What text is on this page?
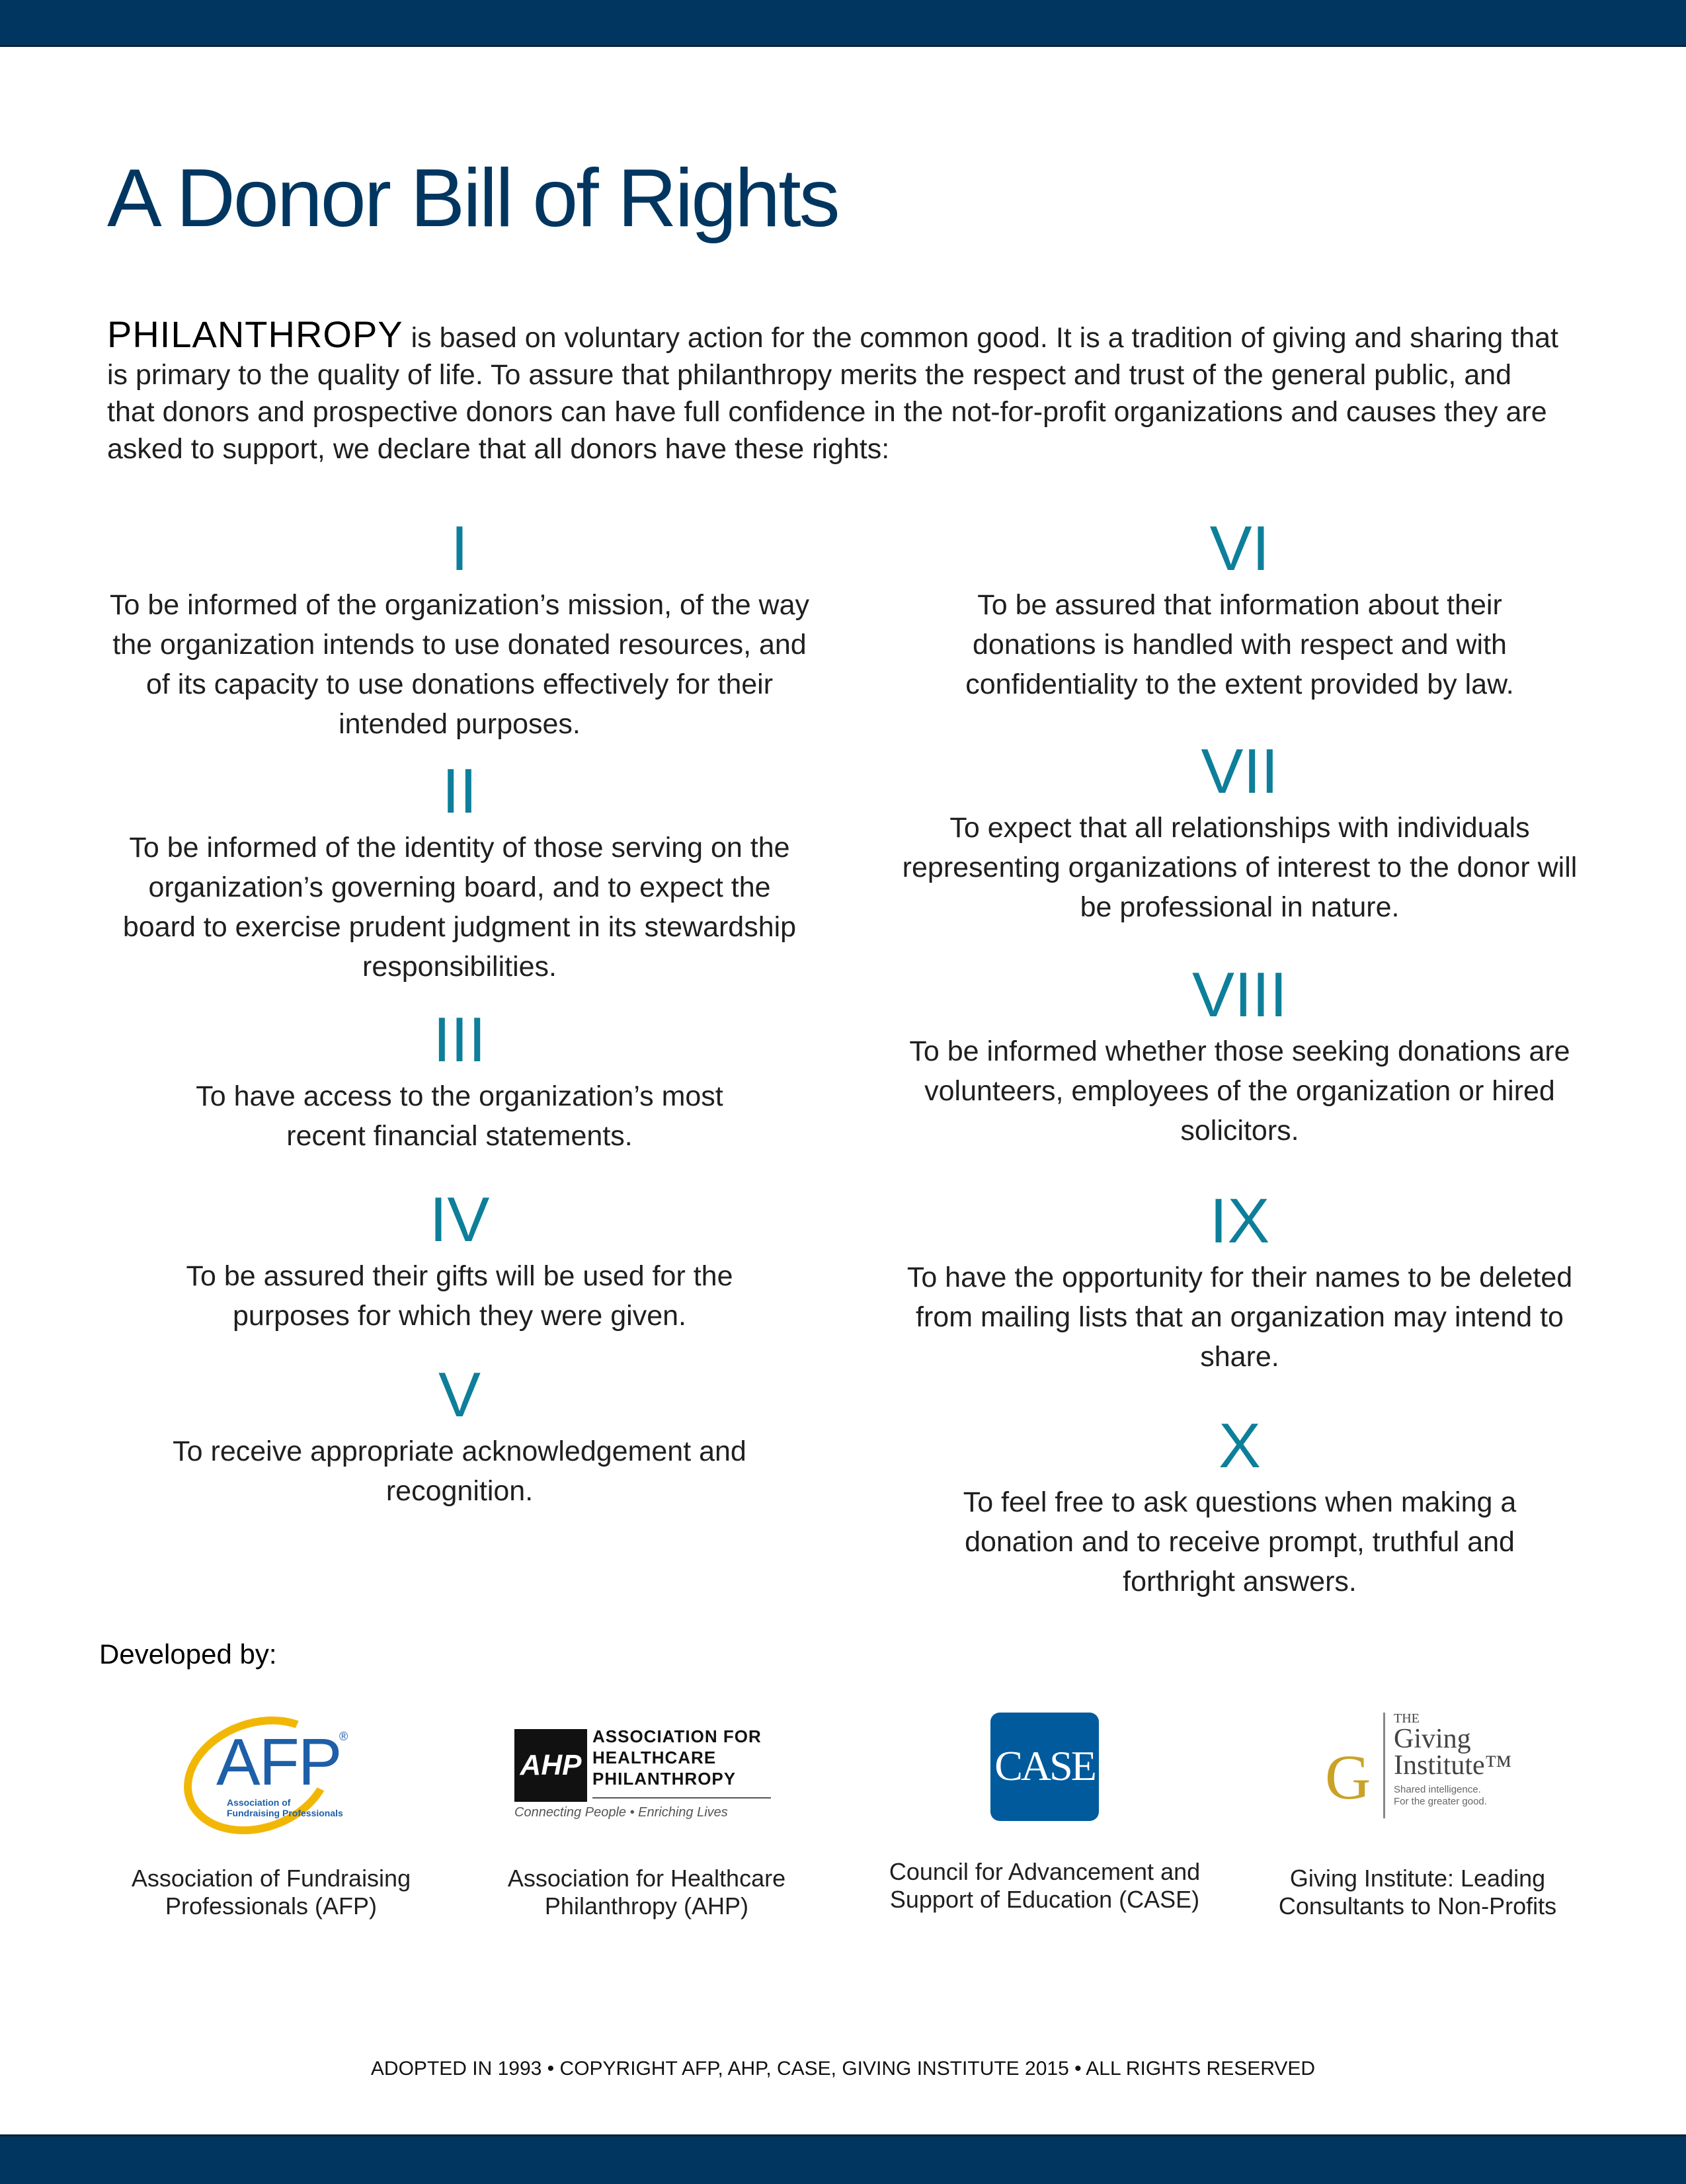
A Donor Bill of Rights
PHILANTHROPY is based on voluntary action for the common good. It is a tradition of giving and sharing that is primary to the quality of life. To assure that philanthropy merits the respect and trust of the general public, and that donors and prospective donors can have full confidence in the not-for-profit organizations and causes they are asked to support, we declare that all donors have these rights:
I
To be informed of the organization’s mission, of the way the organization intends to use donated resources, and of its capacity to use donations effectively for their intended purposes.
II
To be informed of the identity of those serving on the organization’s governing board, and to expect the board to exercise prudent judgment in its stewardship responsibilities.
III
To have access to the organization’s most recent financial statements.
IV
To be assured their gifts will be used for the purposes for which they were given.
V
To receive appropriate acknowledgement and recognition.
VI
To be assured that information about their donations is handled with respect and with confidentiality to the extent provided by law.
VII
To expect that all relationships with individuals representing organizations of interest to the donor will be professional in nature.
VIII
To be informed whether those seeking donations are volunteers, employees of the organization or hired solicitors.
IX
To have the opportunity for their names to be deleted from mailing lists that an organization may intend to share.
X
To feel free to ask questions when making a donation and to receive prompt, truthful and forthright answers.
Developed by:
AFP
®
Association of
Fundraising Professionals
Association of Fundraising
Professionals (AFP)
AHP
ASSOCIATION FOR
HEALTHCARE
PHILANTHROPY
Connecting People • Enriching Lives
Association for Healthcare
Philanthropy (AHP)
CASE
Council for Advancement and
Support of Education (CASE)
G
THE
Giving
Institute™
Shared intelligence.
For the greater good.
Giving Institute: Leading
Consultants to Non-Profits
ADOPTED IN 1993 • COPYRIGHT AFP, AHP, CASE, GIVING INSTITUTE 2015 • ALL RIGHTS RESERVED
